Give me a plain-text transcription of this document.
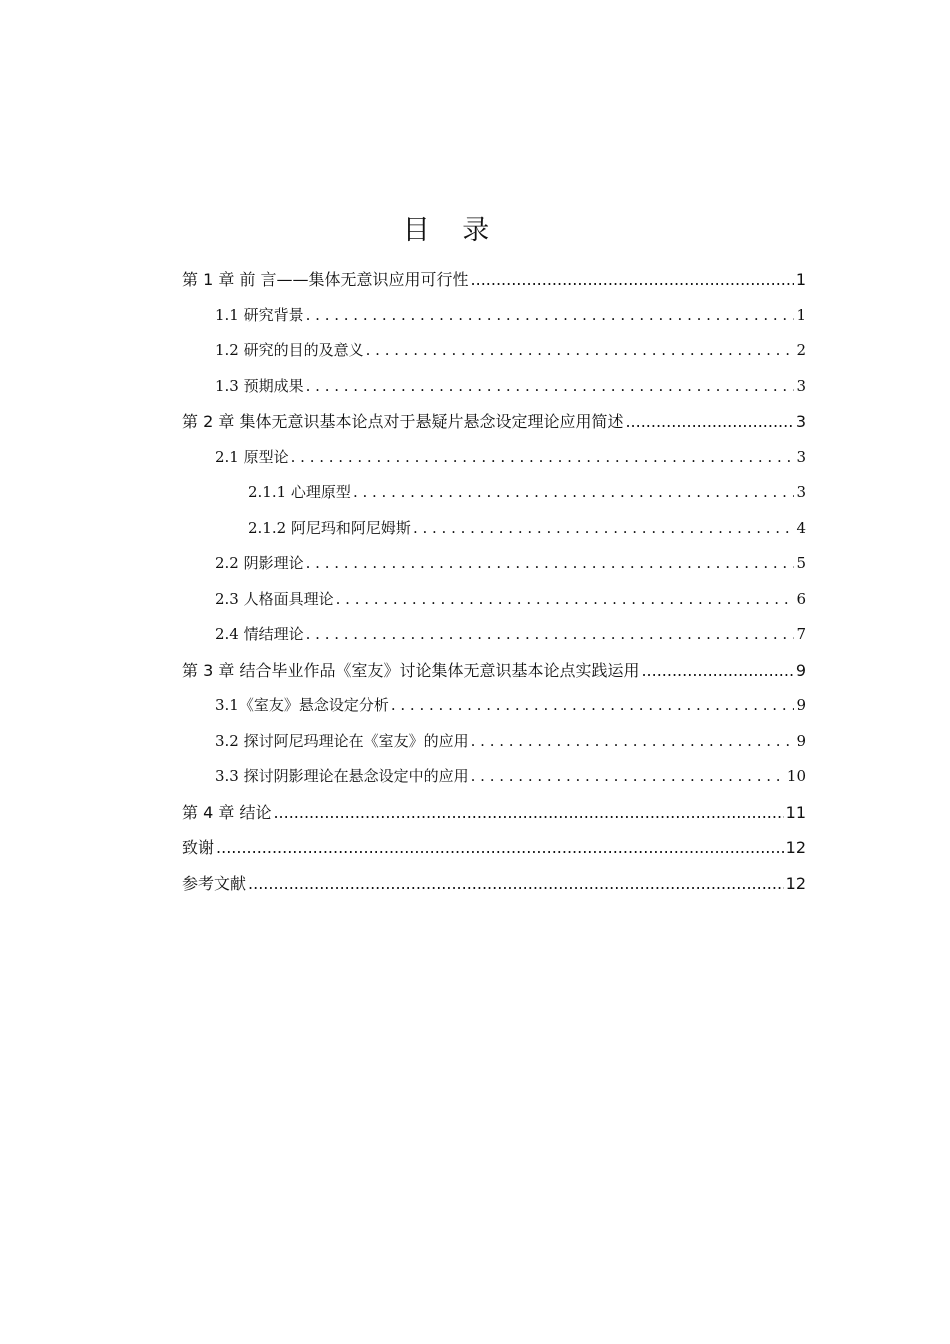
目 录
第 1 章 前 言——集体无意识应用可行性 .....	1
1.1 研究背景 . . .	1
1.2 研究的目的及意义 . . .	2
1.3 预期成果 . . .	3
第 2 章 集体无意识基本论点对于悬疑片悬念设定理论应用简述 .....	3
2.1 原型论 . . .	3
2.1.1 心理原型 . . .	3
2.1.2 阿尼玛和阿尼姆斯 . . .	4
2.2 阴影理论 . . .	5
2.3 人格面具理论 . . .	6
2.4 情结理论 . . .	7
第 3 章 结合毕业作品《室友》讨论集体无意识基本论点实践运用 .....	9
3.1《室友》悬念设定分析 . . .	9
3.2 探讨阿尼玛理论在《室友》的应用 . . .	9
3.3 探讨阴影理论在悬念设定中的应用 . . .	10
第 4 章 结论 .....	11
致谢 .....	12
参考文献 .....	12
